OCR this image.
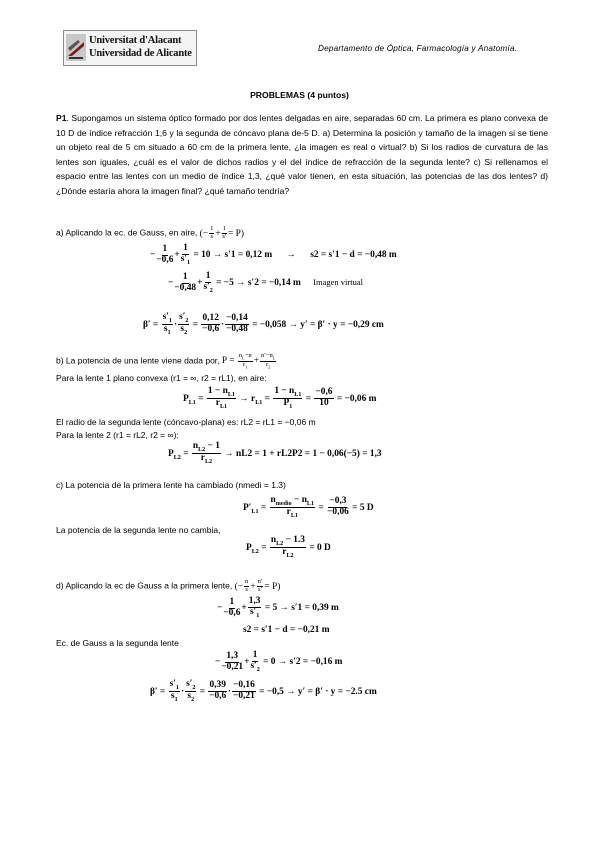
Universitat d'Alacant
Universidad de Alicante	Departamento de Óptica, Farmacología y Anatomía.
PROBLEMAS (4 puntos)
P1. Supongamos un sistema óptico formado por dos lentes delgadas en aire, separadas 60 cm. La primera es plano convexa de 10 D de índice refracción 1,6 y la segunda de cóncavo plana de-5 D. a) Determina la posición y tamaño de la imagen si se tiene un objeto real de 5 cm situado a 60 cm de la primera lente, ¿la imagen es real o virtual? b) Si los radios de curvatura de las lentes son iguales, ¿cuál es el valor de dichos radios y el del índice de refracción de la segunda lente? c) Si rellenamos el espacio entre las lentes con un medio de índice 1,3, ¿qué valor tienen, en esta situación, las potencias de las dos lentes? d) ¿Dónde estaría ahora la imagen final? ¿qué tamaño tendría?
a) Aplicando la ec. de Gauss, en aire, (− $\frac{1}{s} + \frac{1}{s'} = P$)
− $\frac{1}{-0,6} + \frac{1}{s'_1} = 10 \to s'1 = 0,12$ m → s2 = s′1 − d = −0,48 m
− $\frac{1}{-0,48} + \frac{1}{s'_2} = -5 \to s'2 = -0,14$ m Imagen virtual
$\beta' = \frac{s'_1}{s_1} \cdot \frac{s'_2}{s_2} = \frac{0,12}{-0,6} \cdot \frac{-0,14}{-0,48} = -0,058 \to y' = \beta' \cdot y = -0,29$ cm
b) La potencia de una lente viene dada por, $P = \frac{n_L-n}{r_1} + \frac{n'-n_L}{r_2}$
Para la lente 1 plano convexa (r1 = ∞, r2 = rL1), en aire:
$P_{L1} = \frac{1 - n_{L1}}{r_{L1}} \to r_{L1} = \frac{1 - n_{L1}}{P_1} = \frac{-0,6}{10} = -0,06$ m
El radio de la segunda lente (cóncavo-plana) es: rL2 = rL1 = −0,06 m
Para la lente 2 (r1 = rL2, r2 = ∞):
$P_{L2} = \frac{n_{L2} - 1}{r_{L2}} \to nL2 = 1 + rL2P2 = 1 - 0,06(-5) = 1,3$
c) La potencia de la primera lente ha cambiado (nmedi = 1.3)
$P'_{L1} = \frac{n_{medio} - n_{L1}}{r_{L1}} = \frac{-0,3}{-0,06} = 5$ D
La potencia de la segunda lente no cambia,
$P_{L2} = \frac{n_{L2} - 1.3}{r_{L2}} = 0$ D
d) Aplicando la ec de Gauss a la primera lente, (− $\frac{n}{s} + \frac{n'}{s'} = P$)
− $\frac{1}{-0,6} + \frac{1,3}{s'_1} = 5 \to s'1 = 0,39$ m
s2 = s′1 − d = −0,21 m
Ec. de Gauss a la segunda lente
− $\frac{1,3}{-0,21} + \frac{1}{s'_2} = 0 \to s'2 = -0,16$ m
$\beta' = \frac{s'_1}{s_1} \cdot \frac{s'_2}{s_2} = \frac{0,39}{-0,6} \cdot \frac{-0,16}{-0,21} = -0,5 \to y' = \beta' \cdot y = -2.5$ cm
